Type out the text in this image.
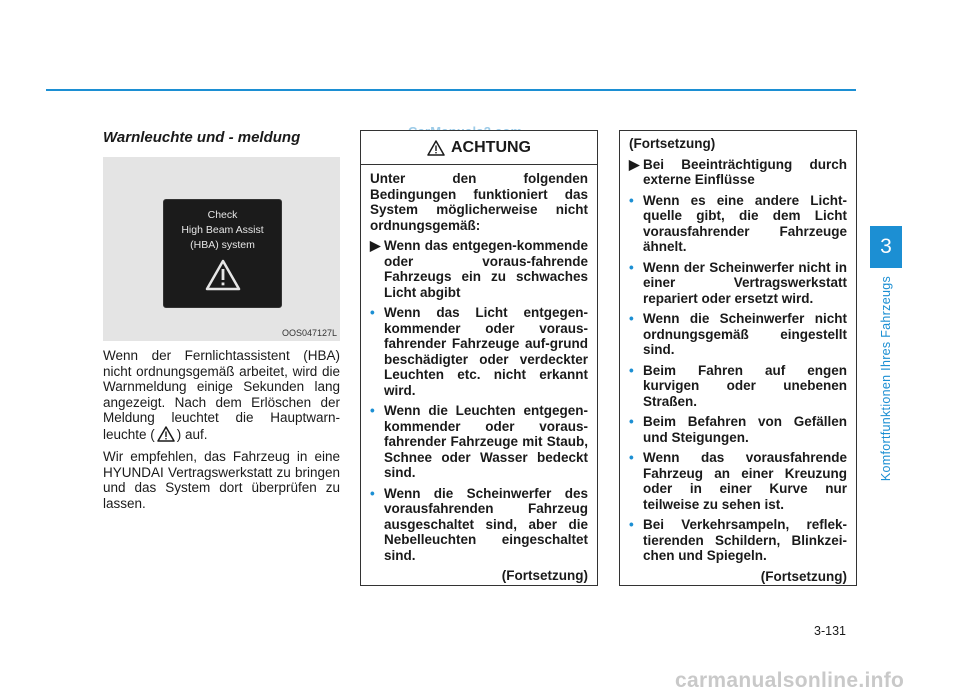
Warnleuchte und - meldung
Check
High Beam Assist
(HBA) system
OOS047127L

Wenn der Fernlichtassistent (HBA) nicht ordnungsgemäß arbeitet, wird die Warnmeldung einige Sekunden lang angezeigt. Nach dem Erlöschen der Meldung leuchtet die Hauptwarn-leuchte ( ) auf.

Wir empfehlen, das Fahrzeug in eine HYUNDAI Vertragswerkstatt zu bringen und das System dort überprüfen zu lassen.

ACHTUNG

Unter den folgenden Bedingungen funktioniert das System möglicherweise nicht ordnungsgemäß:

▶ Wenn das entgegen-kommende oder voraus-fahrende Fahrzeugs ein zu schwaches Licht abgibt
• Wenn das Licht entgegen-kommender oder voraus-fahrender Fahrzeuge auf-grund beschädigter oder verdeckter Leuchten etc. nicht erkannt wird.
• Wenn die Leuchten entgegen-kommender oder voraus-fahrender Fahrzeuge mit Staub, Schnee oder Wasser bedeckt sind.
• Wenn die Scheinwerfer des vorausfahrenden Fahrzeug ausgeschaltet sind, aber die Nebelleuchten eingeschaltet sind.
(Fortsetzung)
(Fortsetzung)
▶ Bei Beeinträchtigung durch externe Einflüsse
• Wenn es eine andere Licht-quelle gibt, die dem Licht vorausfahrender Fahrzeuge ähnelt.
• Wenn der Scheinwerfer nicht in einer Vertragswerkstatt repariert oder ersetzt wird.
• Wenn die Scheinwerfer nicht ordnungsgemäß eingestellt sind.
• Beim Fahren auf engen kurvigen oder unebenen Straßen.
• Beim Befahren von Gefällen und Steigungen.
• Wenn das vorausfahrende Fahrzeug an einer Kreuzung oder in einer Kurve nur teilweise zu sehen ist.
• Bei Verkehrsampeln, reflek-tierenden Schildern, Blinkzei-chen und Spiegeln.
(Fortsetzung)
3
Komfortfunktionen Ihres Fahrzeugs
3-131
carmanualsonline.info
